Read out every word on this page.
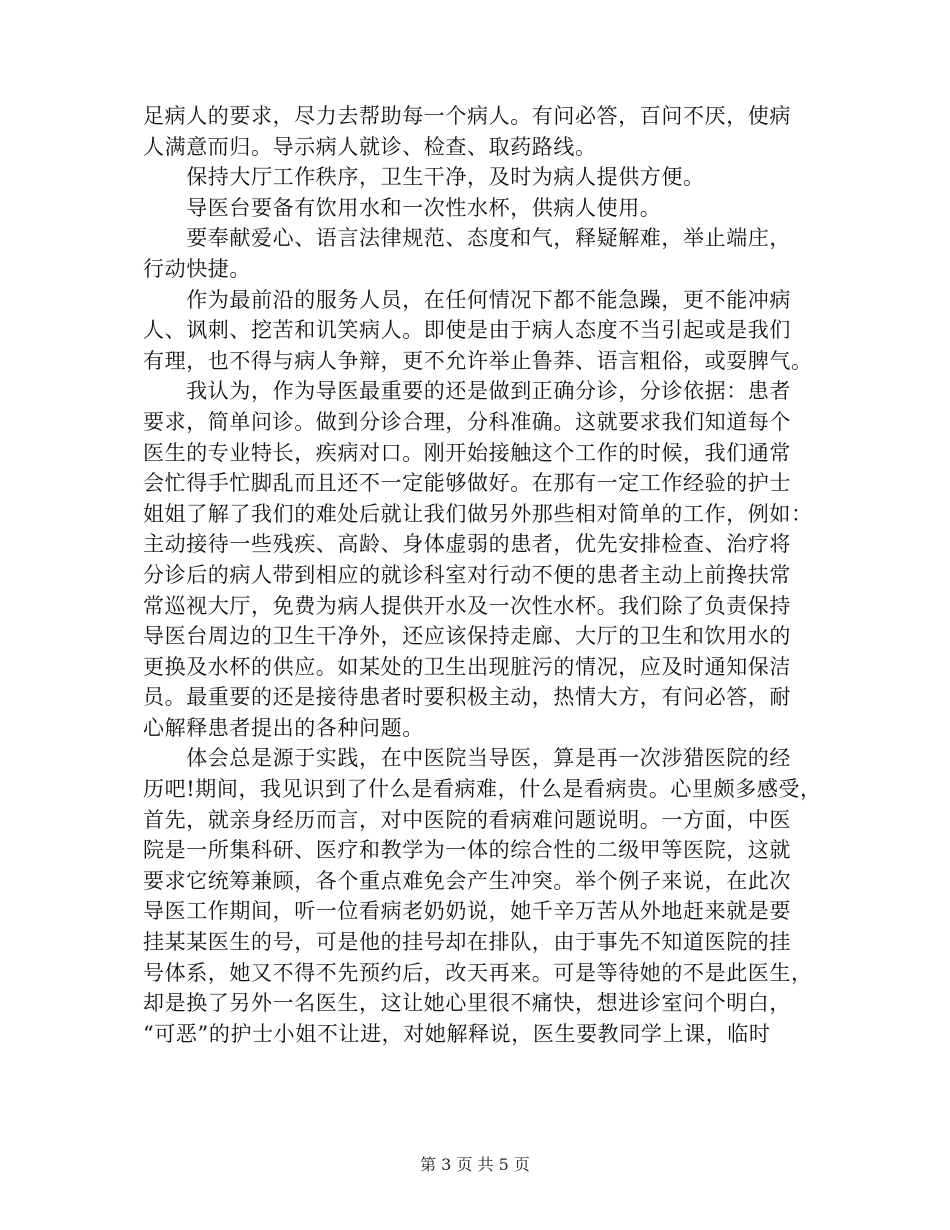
足病人的要求，尽力去帮助每一个病人。有问必答，百问不厌，使病
人满意而归。导示病人就诊、检查、取药路线。
　　保持大厅工作秩序，卫生干净，及时为病人提供方便。
　　导医台要备有饮用水和一次性水杯，供病人使用。
　　要奉献爱心、语言法律规范、态度和气，释疑解难，举止端庄，
行动快捷。
　　作为最前沿的服务人员，在任何情况下都不能急躁，更不能冲病
人、讽刺、挖苦和讥笑病人。即使是由于病人态度不当引起或是我们
有理，也不得与病人争辩，更不允许举止鲁莽、语言粗俗，或耍脾气。
　　我认为，作为导医最重要的还是做到正确分诊，分诊依据：患者
要求，简单问诊。做到分诊合理，分科准确。这就要求我们知道每个
医生的专业特长，疾病对口。刚开始接触这个工作的时候，我们通常
会忙得手忙脚乱而且还不一定能够做好。在那有一定工作经验的护士
姐姐了解了我们的难处后就让我们做另外那些相对简单的工作，例如：
主动接待一些残疾、高龄、身体虚弱的患者，优先安排检查、治疗将
分诊后的病人带到相应的就诊科室对行动不便的患者主动上前搀扶常
常巡视大厅，免费为病人提供开水及一次性水杯。我们除了负责保持
导医台周边的卫生干净外，还应该保持走廊、大厅的卫生和饮用水的
更换及水杯的供应。如某处的卫生出现脏污的情况，应及时通知保洁
员。最重要的还是接待患者时要积极主动，热情大方，有问必答，耐
心解释患者提出的各种问题。
　　体会总是源于实践，在中医院当导医，算是再一次涉猎医院的经
历吧!期间，我见识到了什么是看病难，什么是看病贵。心里颇多感受，
首先，就亲身经历而言，对中医院的看病难问题说明。一方面，中医
院是一所集科研、医疗和教学为一体的综合性的二级甲等医院，这就
要求它统筹兼顾，各个重点难免会产生冲突。举个例子来说，在此次
导医工作期间，听一位看病老奶奶说，她千辛万苦从外地赶来就是要
挂某某医生的号，可是他的挂号却在排队，由于事先不知道医院的挂
号体系，她又不得不先预约后，改天再来。可是等待她的不是此医生，
却是换了另外一名医生，这让她心里很不痛快，想进诊室问个明白，
“可恶”的护士小姐不让进，对她解释说，医生要教同学上课，临时
第 3 页 共 5 页
